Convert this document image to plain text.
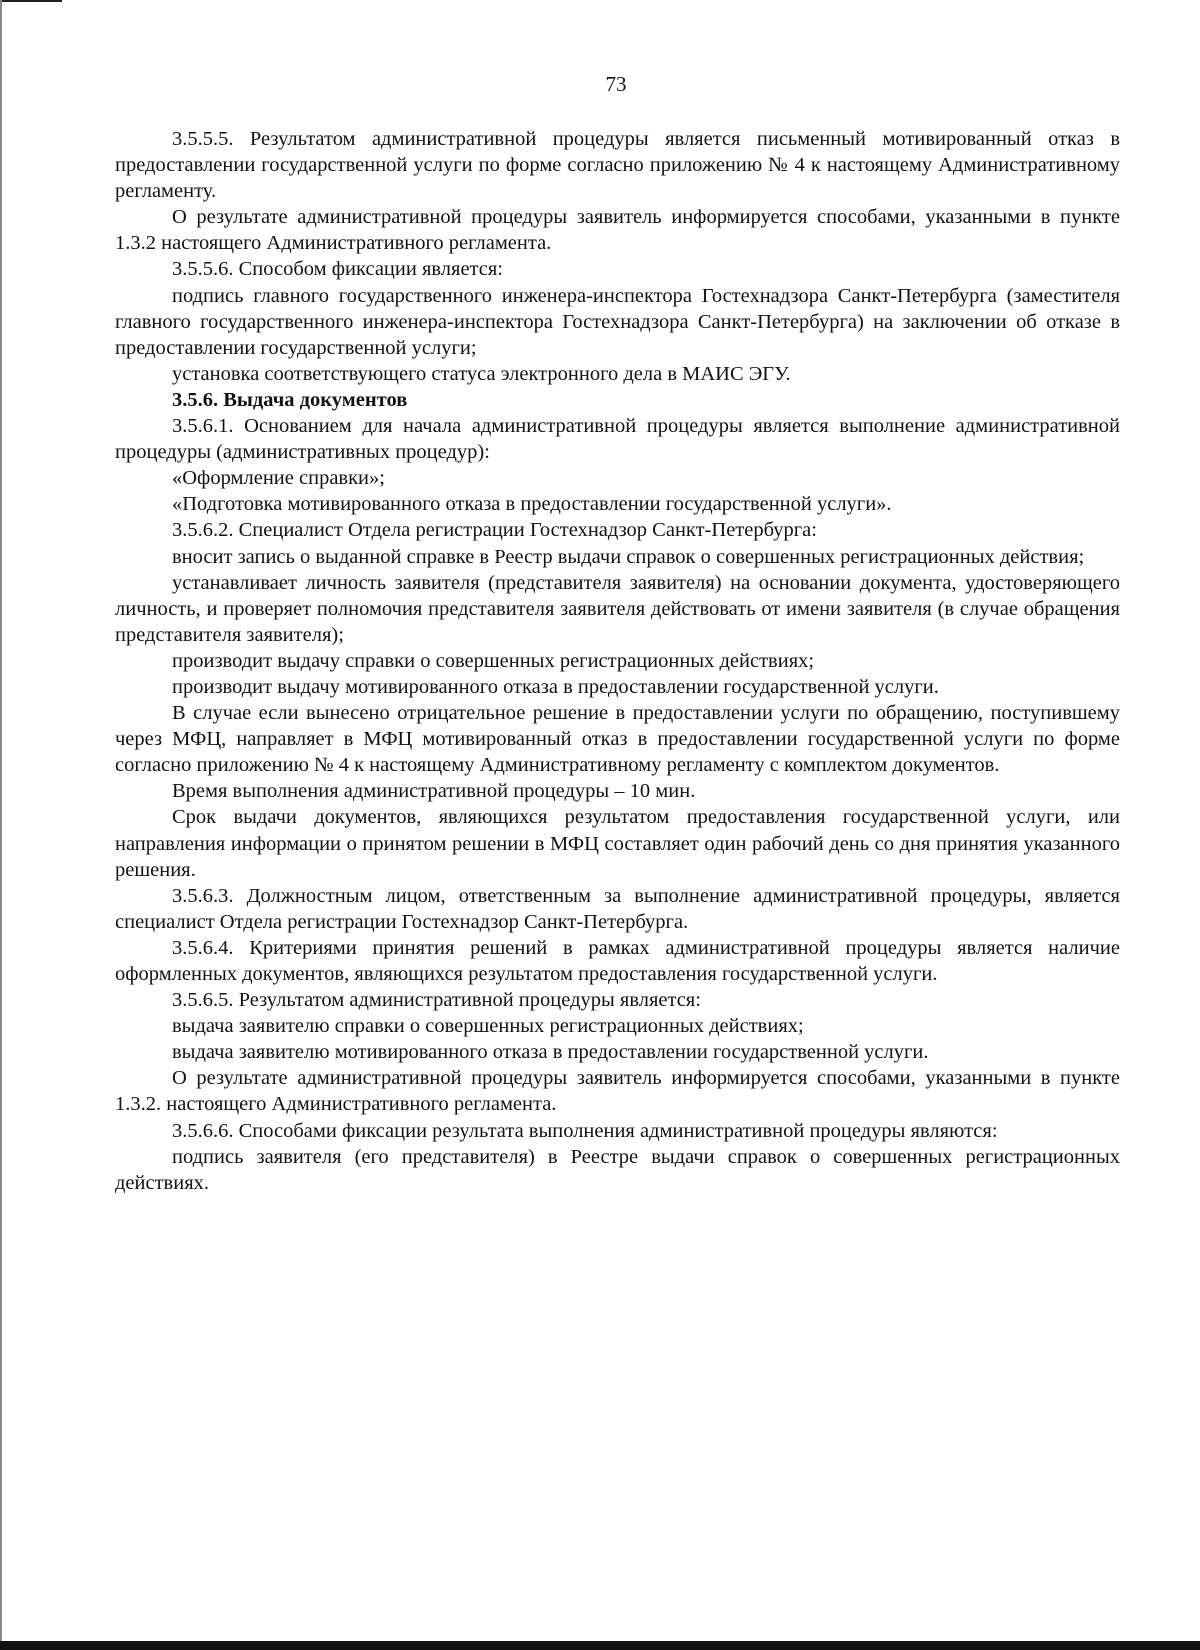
73

3.5.5.5. Результатом административной процедуры является письменный мотивированный отказ в предоставлении государственной услуги по форме согласно приложению № 4 к настоящему Административному регламенту.

О результате административной процедуры заявитель информируется способами, указанными в пункте 1.3.2 настоящего Административного регламента.

3.5.5.6. Способом фиксации является:

подпись главного государственного инженера-инспектора Гостехнадзора Санкт-Петербурга (заместителя главного государственного инженера-инспектора Гостехнадзора Санкт-Петербурга) на заключении об отказе в предоставлении государственной услуги;

установка соответствующего статуса электронного дела в МАИС ЭГУ.

3.5.6. Выдача документов

3.5.6.1. Основанием для начала административной процедуры является выполнение административной процедуры (административных процедур):

«Оформление справки»;

«Подготовка мотивированного отказа в предоставлении государственной услуги».

3.5.6.2. Специалист Отдела регистрации Гостехнадзор Санкт-Петербурга:

вносит запись о выданной справке в Реестр выдачи справок о совершенных регистрационных действия;

устанавливает личность заявителя (представителя заявителя) на основании документа, удостоверяющего личность, и проверяет полномочия представителя заявителя действовать от имени заявителя (в случае обращения представителя заявителя);

производит выдачу справки о совершенных регистрационных действиях;

производит выдачу мотивированного отказа в предоставлении государственной услуги.

В случае если вынесено отрицательное решение в предоставлении услуги по обращению, поступившему через МФЦ, направляет в МФЦ мотивированный отказ в предоставлении государственной услуги по форме согласно приложению № 4 к настоящему Административному регламенту с комплектом документов.

Время выполнения административной процедуры – 10 мин.

Срок выдачи документов, являющихся результатом предоставления государственной услуги, или направления информации о принятом решении в МФЦ составляет один рабочий день со дня принятия указанного решения.

3.5.6.3. Должностным лицом, ответственным за выполнение административной процедуры, является специалист Отдела регистрации Гостехнадзор Санкт-Петербурга.

3.5.6.4. Критериями принятия решений в рамках административной процедуры является наличие оформленных документов, являющихся результатом предоставления государственной услуги.

3.5.6.5. Результатом административной процедуры является:

выдача заявителю справки о совершенных регистрационных действиях;

выдача заявителю мотивированного отказа в предоставлении государственной услуги.

О результате административной процедуры заявитель информируется способами, указанными в пункте 1.3.2. настоящего Административного регламента.

3.5.6.6. Способами фиксации результата выполнения административной процедуры являются:

подпись заявителя (его представителя) в Реестре выдачи справок о совершенных регистрационных действиях.
